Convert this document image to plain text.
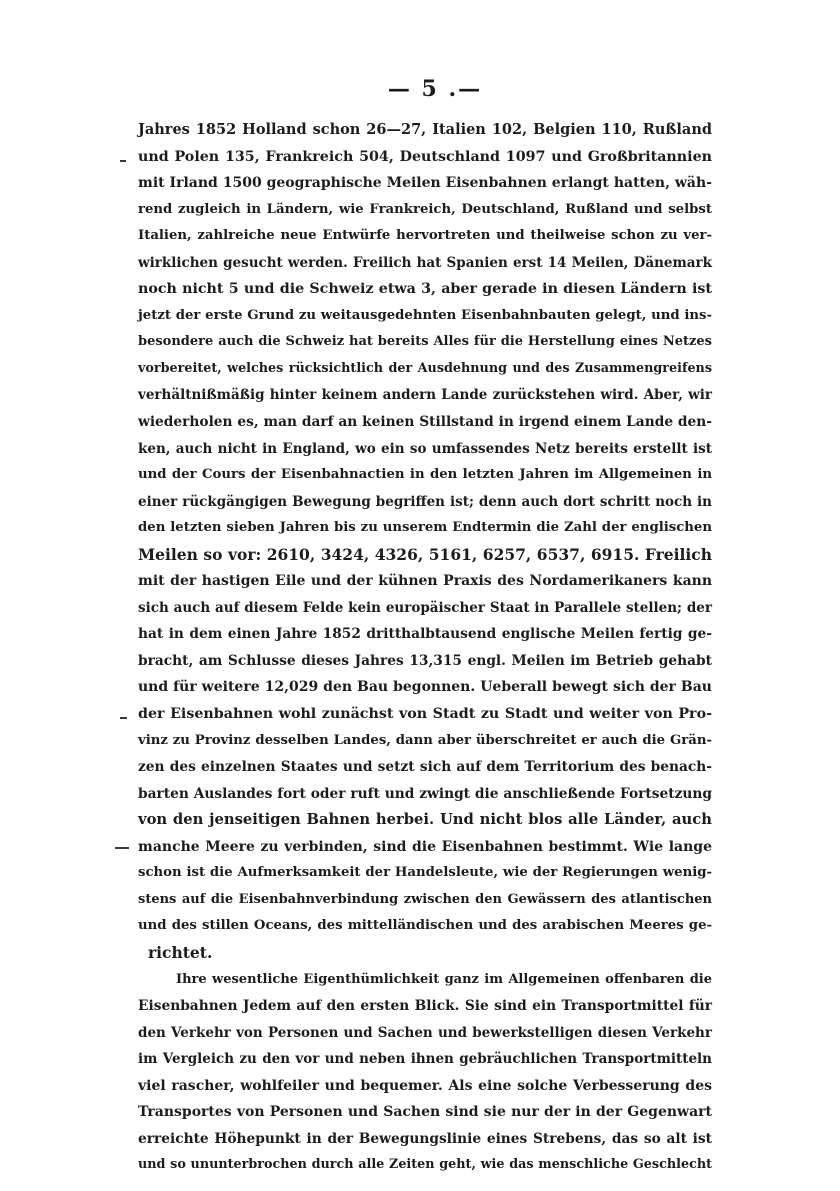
— 5 .—
Jahres 1852 Holland schon 26—27, Italien 102, Belgien 110, Rußland
und Polen 135, Frankreich 504, Deutschland 1097 und Großbritannien
mit Irland 1500 geographische Meilen Eisenbahnen erlangt hatten, wäh-
rend zugleich in Ländern, wie Frankreich, Deutschland, Rußland und selbst
Italien, zahlreiche neue Entwürfe hervortreten und theilweise schon zu ver-
wirklichen gesucht werden. Freilich hat Spanien erst 14 Meilen, Dänemark
noch nicht 5 und die Schweiz etwa 3, aber gerade in diesen Ländern ist
jetzt der erste Grund zu weitausgedehnten Eisenbahnbauten gelegt, und ins-
besondere auch die Schweiz hat bereits Alles für die Herstellung eines Netzes
vorbereitet, welches rücksichtlich der Ausdehnung und des Zusammengreifens
verhältnißmäßig hinter keinem andern Lande zurückstehen wird. Aber, wir
wiederholen es, man darf an keinen Stillstand in irgend einem Lande den-
ken, auch nicht in England, wo ein so umfassendes Netz bereits erstellt ist
und der Cours der Eisenbahnactien in den letzten Jahren im Allgemeinen in
einer rückgängigen Bewegung begriffen ist; denn auch dort schritt noch in
den letzten sieben Jahren bis zu unserem Endtermin die Zahl der englischen
Meilen so vor: 2610, 3424, 4326, 5161, 6257, 6537, 6915. Freilich
mit der hastigen Eile und der kühnen Praxis des Nordamerikaners kann
sich auch auf diesem Felde kein europäischer Staat in Parallele stellen; der
hat in dem einen Jahre 1852 dritthalbtausend englische Meilen fertig ge-
bracht, am Schlusse dieses Jahres 13,315 engl. Meilen im Betrieb gehabt
und für weitere 12,029 den Bau begonnen. Ueberall bewegt sich der Bau
der Eisenbahnen wohl zunächst von Stadt zu Stadt und weiter von Pro-
vinz zu Provinz desselben Landes, dann aber überschreitet er auch die Grän-
zen des einzelnen Staates und setzt sich auf dem Territorium des benach-
barten Auslandes fort oder ruft und zwingt die anschließende Fortsetzung
von den jenseitigen Bahnen herbei. Und nicht blos alle Länder, auch
manche Meere zu verbinden, sind die Eisenbahnen bestimmt. Wie lange
schon ist die Aufmerksamkeit der Handelsleute, wie der Regierungen wenig-
stens auf die Eisenbahnverbindung zwischen den Gewässern des atlantischen
und des stillen Oceans, des mittelländischen und des arabischen Meeres ge-
richtet.
Ihre wesentliche Eigenthümlichkeit ganz im Allgemeinen offenbaren die
Eisenbahnen Jedem auf den ersten Blick. Sie sind ein Transportmittel für
den Verkehr von Personen und Sachen und bewerkstelligen diesen Verkehr
im Vergleich zu den vor und neben ihnen gebräuchlichen Transportmitteln
viel rascher, wohlfeiler und bequemer. Als eine solche Verbesserung des
Transportes von Personen und Sachen sind sie nur der in der Gegenwart
erreichte Höhepunkt in der Bewegungslinie eines Strebens, das so alt ist
und so ununterbrochen durch alle Zeiten geht, wie das menschliche Geschlecht
